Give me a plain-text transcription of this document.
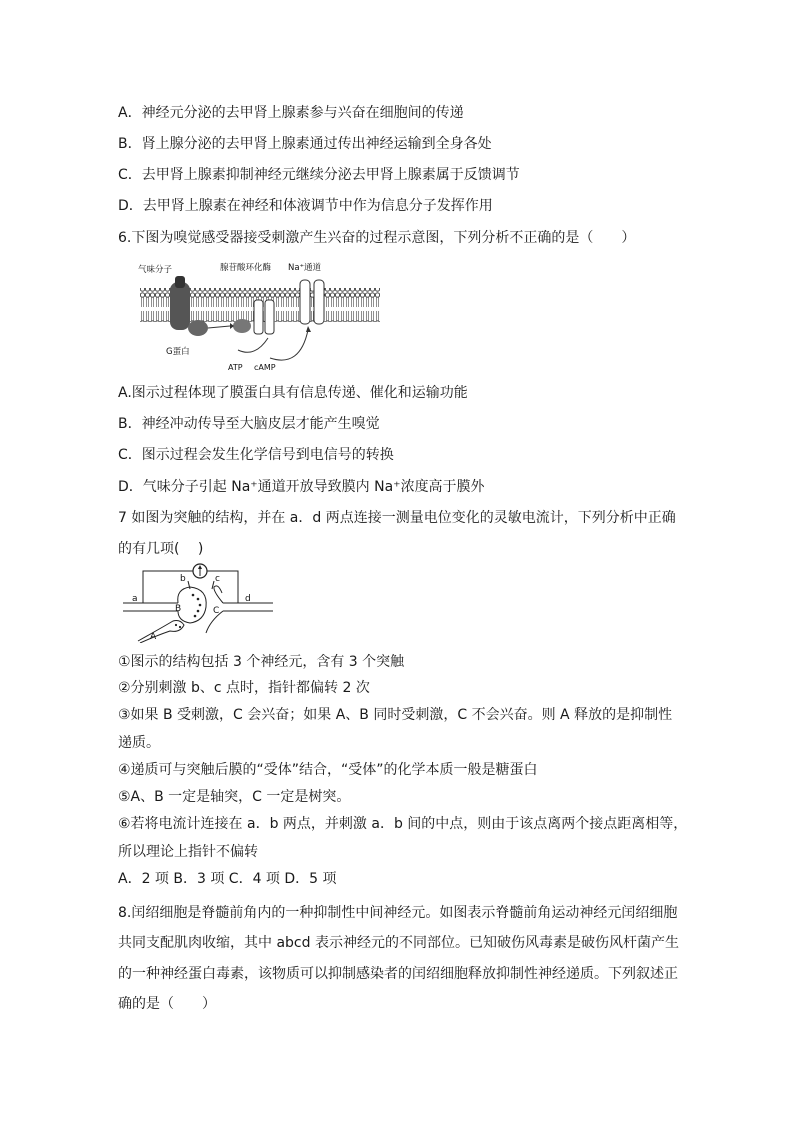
A．神经元分泌的去甲肾上腺素参与兴奋在细胞间的传递
B．肾上腺分泌的去甲肾上腺素通过传出神经运输到全身各处
C．去甲肾上腺素抑制神经元继续分泌去甲肾上腺素属于反馈调节
D．去甲肾上腺素在神经和体液调节中作为信息分子发挥作用
6.下图为嗅觉感受器接受刺激产生兴奋的过程示意图，下列分析不正确的是（　　）
气味分子	腺苷酸环化酶 Na⁺通道
G蛋白
ATP cAMP
A.图示过程体现了膜蛋白具有信息传递、催化和运输功能
B．神经冲动传导至大脑皮层才能产生嗅觉
C．图示过程会发生化学信号到电信号的转换
D．气味分子引起 Na⁺通道开放导致膜内 Na⁺浓度高于膜外
7 如图为突触的结构，并在 a．d 两点连接一测量电位变化的灵敏电流计，下列分析中正确
的有几项(　 )
a
b	c
d
A
B	C
①图示的结构包括 3 个神经元，含有 3 个突触
②分别刺激 b、c 点时，指针都偏转 2 次
③如果 B 受刺激，C 会兴奋；如果 A、B 同时受刺激，C 不会兴奋。则 A 释放的是抑制性
递质。
④递质可与突触后膜的“受体”结合，“受体”的化学本质一般是糖蛋白
⑤A、B 一定是轴突，C 一定是树突。
⑥若将电流计连接在 a．b 两点，并刺激 a．b 间的中点，则由于该点离两个接点距离相等，
所以理论上指针不偏转
A．2 项 B．3 项 C．4 项 D．5 项
8.闰绍细胞是脊髓前角内的一种抑制性中间神经元。如图表示脊髓前角运动神经元闰绍细胞
共同支配肌肉收缩，其中 abcd 表示神经元的不同部位。已知破伤风毒素是破伤风杆菌产生
的一种神经蛋白毒素，该物质可以抑制感染者的闰绍细胞释放抑制性神经递质。下列叙述正
确的是（　　）
